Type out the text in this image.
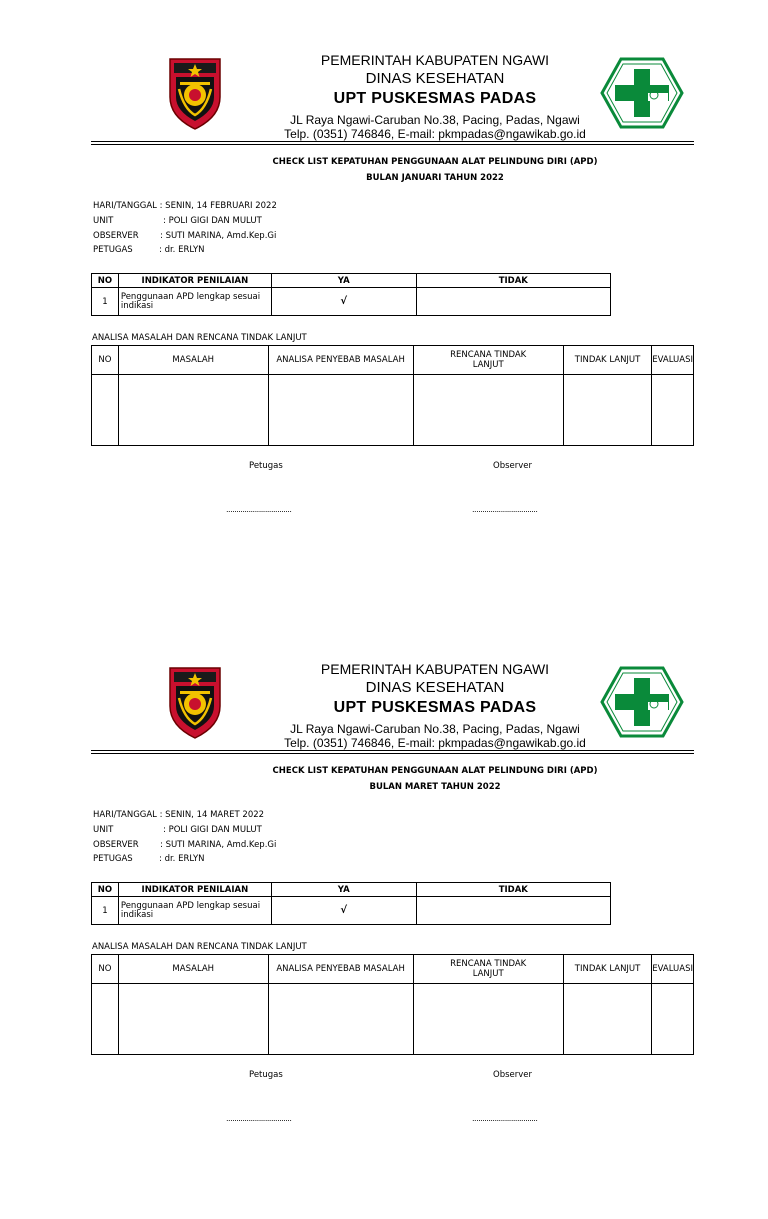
PEMERINTAH KABUPATEN NGAWI
DINAS KESEHATAN
UPT PUSKESMAS PADAS
JL Raya Ngawi-Caruban No.38, Pacing, Padas, Ngawi
Telp. (0351) 746846, E-mail: pkmpadas@ngawikab.go.id
CHECK LIST KEPATUHAN PENGGUNAAN ALAT PELINDUNG DIRI (APD)
BULAN JANUARI TAHUN 2022
HARI/TANGGAL : SENIN, 14 FEBRUARI 2022
UNIT	: POLI GIGI DAN MULUT
OBSERVER	: SUTI MARINA, Amd.Kep.Gi
PETUGAS	: dr. ERLYN
NO	INDIKATOR PENILAIAN	YA	TIDAK
1	Penggunaan APD lengkap sesuai indikasi	√	
ANALISA MASALAH DAN RENCANA TINDAK LANJUT
NO	MASALAH	ANALISA PENYEBAB MASALAH	RENCANA TINDAK LANJUT	TINDAK LANJUT	EVALUASI

Petugas	Observer
................................	................................
PEMERINTAH KABUPATEN NGAWI
DINAS KESEHATAN
UPT PUSKESMAS PADAS
JL Raya Ngawi-Caruban No.38, Pacing, Padas, Ngawi
Telp. (0351) 746846, E-mail: pkmpadas@ngawikab.go.id
CHECK LIST KEPATUHAN PENGGUNAAN ALAT PELINDUNG DIRI (APD)
BULAN MARET TAHUN 2022
HARI/TANGGAL : SENIN, 14 MARET 2022
UNIT	: POLI GIGI DAN MULUT
OBSERVER	: SUTI MARINA, Amd.Kep.Gi
PETUGAS	: dr. ERLYN
NO	INDIKATOR PENILAIAN	YA	TIDAK
1	Penggunaan APD lengkap sesuai indikasi	√	
ANALISA MASALAH DAN RENCANA TINDAK LANJUT
NO	MASALAH	ANALISA PENYEBAB MASALAH	RENCANA TINDAK LANJUT	TINDAK LANJUT	EVALUASI

Petugas	Observer
................................	................................
